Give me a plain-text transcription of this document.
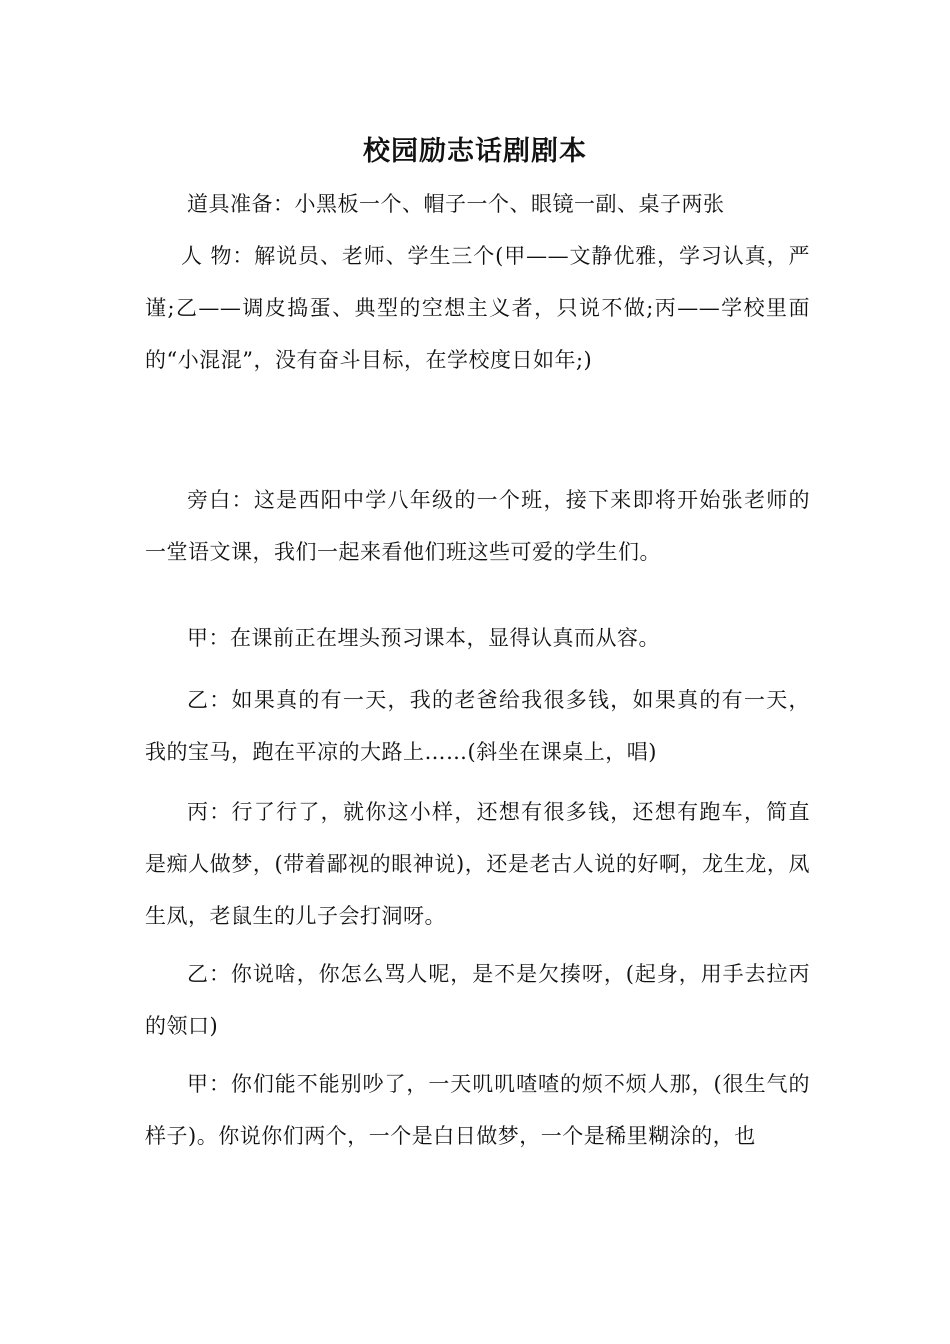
校园励志话剧剧本

道具准备：小黑板一个、帽子一个、眼镜一副、桌子两张

人 物：解说员、老师、学生三个(甲——文静优雅，学习认真，严谨;乙——调皮捣蛋、典型的空想主义者，只说不做;丙——学校里面的“小混混”，没有奋斗目标，在学校度日如年;)

旁白：这是西阳中学八年级的一个班，接下来即将开始张老师的一堂语文课，我们一起来看他们班这些可爱的学生们。

甲：在课前正在埋头预习课本，显得认真而从容。

乙：如果真的有一天，我的老爸给我很多钱，如果真的有一天，我的宝马，跑在平凉的大路上……(斜坐在课桌上，唱)

丙：行了行了，就你这小样，还想有很多钱，还想有跑车，简直是痴人做梦，(带着鄙视的眼神说)，还是老古人说的好啊，龙生龙，凤生凤，老鼠生的儿子会打洞呀。

乙：你说啥，你怎么骂人呢，是不是欠揍呀，(起身，用手去拉丙的领口)

甲：你们能不能别吵了，一天叽叽喳喳的烦不烦人那，(很生气的样子)。你说你们两个，一个是白日做梦，一个是稀里糊涂的，也
